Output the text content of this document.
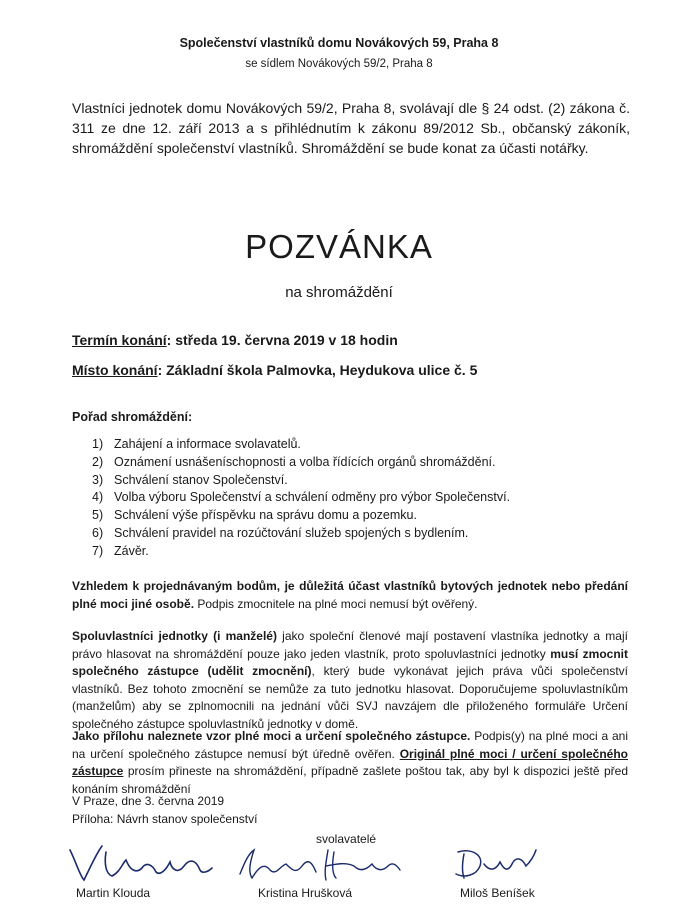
Společenství vlastníků domu Novákových 59, Praha 8
se sídlem Novákových 59/2, Praha 8
Vlastníci jednotek domu Novákových 59/2, Praha 8, svolávají dle § 24 odst. (2) zákona č. 311 ze dne 12. září 2013 a s přihlédnutím k zákonu 89/2012 Sb., občanský zákoník, shromáždění společenství vlastníků. Shromáždění se bude konat za účasti notářky.
POZVÁNKA
na shromáždění
Termín konání: středa 19. června 2019 v 18 hodin
Místo konání: Základní škola Palmovka, Heydukova ulice č. 5
Pořad shromáždění:
1) Zahájení a informace svolavatelů.
2) Oznámení usnášeníschopnosti a volba řídících orgánů shromáždění.
3) Schválení stanov Společenství.
4) Volba výboru Společenství a schválení odměny pro výbor Společenství.
5) Schválení výše příspěvku na správu domu a pozemku.
6) Schválení pravidel na rozúčtování služeb spojených s bydlením.
7) Závěr.
Vzhledem k projednávaným bodům, je důležitá účast vlastníků bytových jednotek nebo předání plné moci jiné osobě. Podpis zmocnitele na plné moci nemusí být ověřený.
Spoluvlastníci jednotky (i manželé) jako společní členové mají postavení vlastníka jednotky a mají právo hlasovat na shromáždění pouze jako jeden vlastník, proto spoluvlastníci jednotky musí zmocnit společného zástupce (udělit zmocnění), který bude vykonávat jejich práva vůči společenství vlastníků. Bez tohoto zmocnění se nemůže za tuto jednotku hlasovat. Doporučujeme spoluvlastníkům (manželům) aby se zplnomocnili na jednání vůči SVJ navzájem dle přiloženého formuláře Určení společného zástupce spoluvlastníků jednotky v domě.
Jako přílohu naleznete vzor plné moci a určení společného zástupce. Podpis(y) na plné moci a ani na určení společného zástupce nemusí být úředně ověřen. Originál plné moci / určení společného zástupce prosím přineste na shromáždění, případně zašlete poštou tak, aby byl k dispozici ještě před konáním shromáždění
V Praze, dne 3. června 2019
Příloha: Návrh stanov společenství
svolavatelé
Martin Klouda	Kristina Hrušková	Miloš Beníšek
